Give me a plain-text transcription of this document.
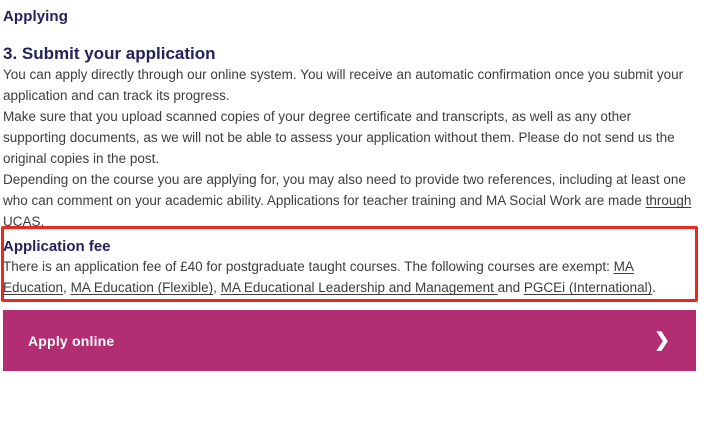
Applying
3. Submit your application

You can apply directly through our online system. You will receive an automatic confirmation once you submit your application and can track its progress.

Make sure that you upload scanned copies of your degree certificate and transcripts, as well as any other supporting documents, as we will not be able to assess your application without them. Please do not send us the original copies in the post.

Depending on the course you are applying for, you may also need to provide two references, including at least one who can comment on your academic ability. Applications for teacher training and MA Social Work are made through UCAS.

Application fee

There is an application fee of £40 for postgraduate taught courses. The following courses are exempt: MA Education, MA Education (Flexible), MA Educational Leadership and Management and PGCEi (International).

Apply online	❯
